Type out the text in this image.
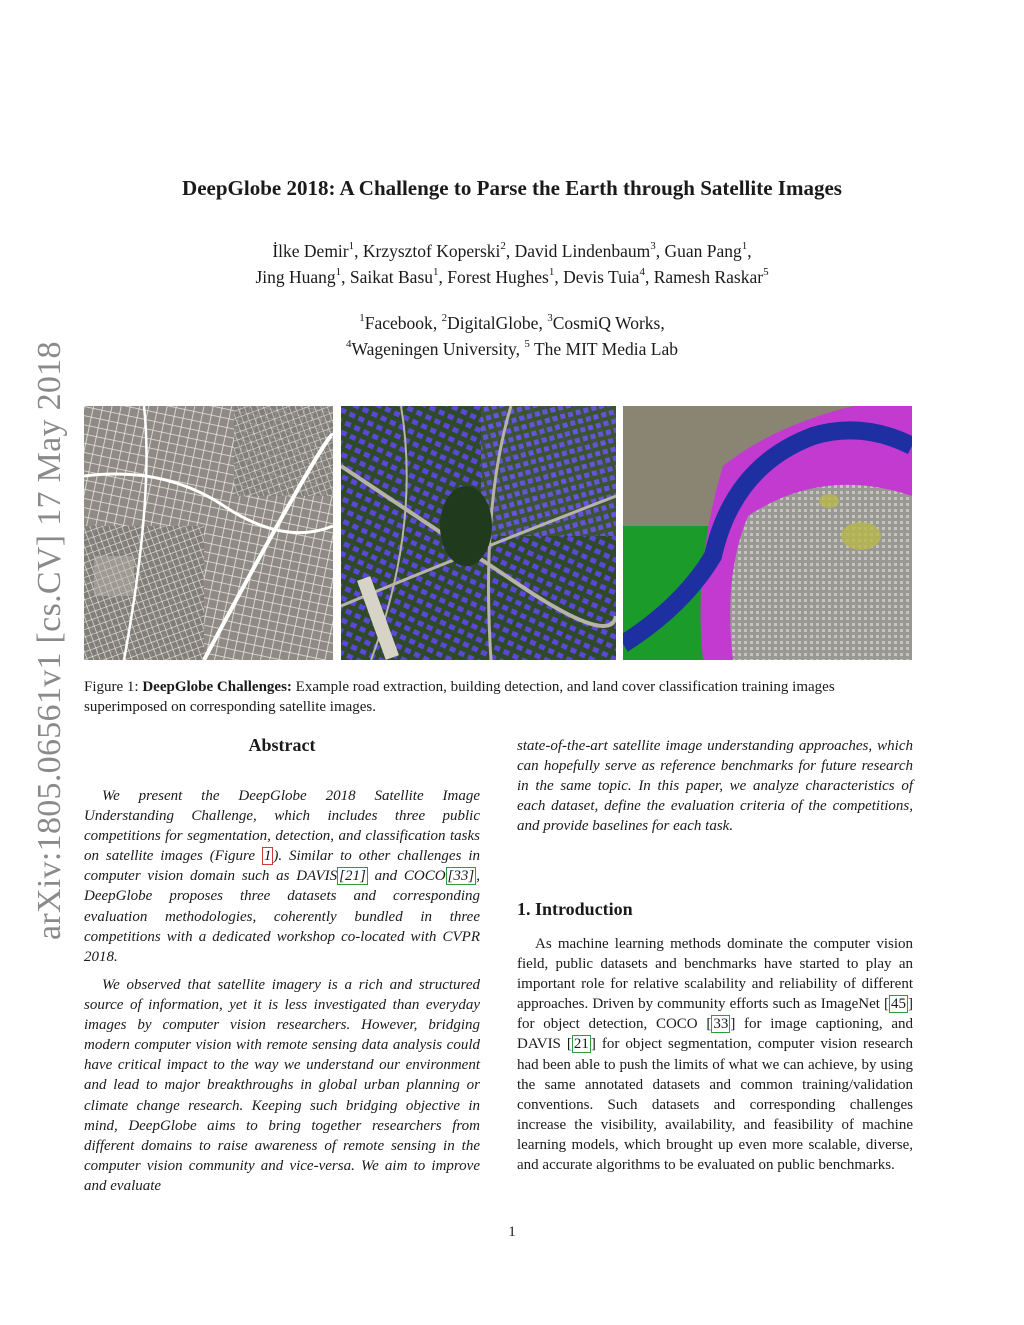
DeepGlobe 2018: A Challenge to Parse the Earth through Satellite Images
İlke Demir$^1$, Krzysztof Koperski$^2$, David Lindenbaum$^3$, Guan Pang$^1$,
Jing Huang$^1$, Saikat Basu$^1$, Forest Hughes$^1$, Devis Tuia$^4$, Ramesh Raskar$^5$
$^1$Facebook, $^2$DigitalGlobe, $^3$CosmiQ Works,
$^4$Wageningen University, $^5$ The MIT Media Lab
arXiv:1805.06561v1 [cs.CV] 17 May 2018 Figure 1: DeepGlobe Challenges: Example road extraction, building detection, and land cover classification training images superimposed on corresponding satellite images.
Abstract
We present the DeepGlobe 2018 Satellite Image Understanding Challenge, which includes three public competitions for segmentation, detection, and classification tasks on satellite images (Figure 1 ). Similar to other challenges in computer vision domain such as DAVIS [21] and COCO [33] , DeepGlobe proposes three datasets and corresponding evaluation methodologies, coherently bundled in three competitions with a dedicated workshop co-located with CVPR 2018.
We observed that satellite imagery is a rich and structured source of information, yet it is less investigated than everyday images by computer vision researchers. However, bridging modern computer vision with remote sensing data analysis could have critical impact to the way we understand our environment and lead to major breakthroughs in global urban planning or climate change research. Keeping such bridging objective in mind, DeepGlobe aims to bring together researchers from different domains to raise awareness of remote sensing in the computer vision community and vice-versa. We aim to improve and evaluate
state-of-the-art satellite image understanding approaches, which can hopefully serve as reference benchmarks for future research in the same topic. In this paper, we analyze characteristics of each dataset, define the evaluation criteria of the competitions, and provide baselines for each task.
1. Introduction
As machine learning methods dominate the computer vision field, public datasets and benchmarks have started to play an important role for relative scalability and reliability of different approaches. Driven by community efforts such as ImageNet [ 45 ] for object detection, COCO [ 33 ] for image captioning, and DAVIS [ 21 ] for object segmentation, computer vision research had been able to push the limits of what we can achieve, by using the same annotated datasets and common training/validation conventions. Such datasets and corresponding challenges increase the visibility, availability, and feasibility of machine learning models, which brought up even more scalable, diverse, and accurate algorithms to be evaluated on public benchmarks.
1
